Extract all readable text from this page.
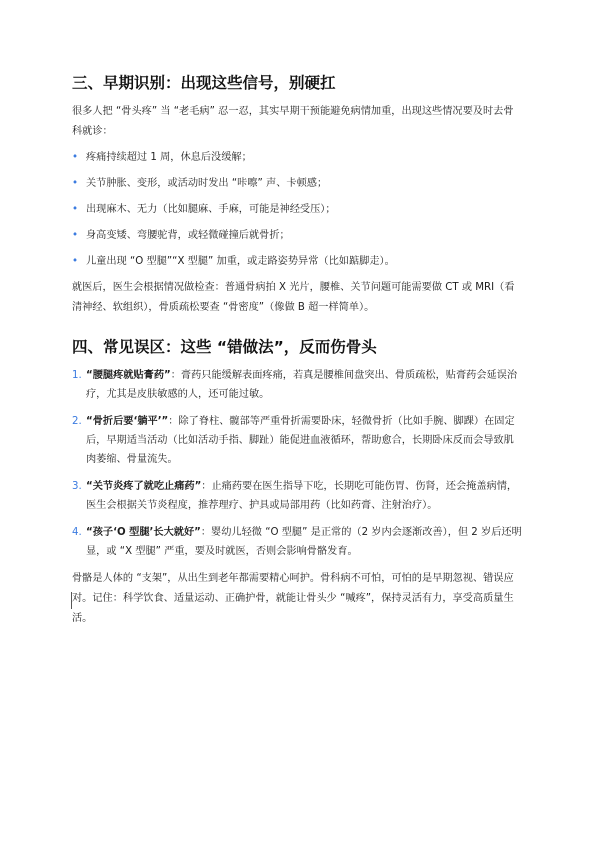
三、早期识别：出现这些信号，别硬扛

很多人把 “骨头疼” 当 “老毛病” 忍一忍，其实早期干预能避免病情加重，出现这些情况要及时去骨科就诊：

• 疼痛持续超过 1 周，休息后没缓解；
• 关节肿胀、变形，或活动时发出 “咔嚓” 声、卡顿感；
• 出现麻木、无力（比如腿麻、手麻，可能是神经受压）；
• 身高变矮、弯腰驼背，或轻微碰撞后就骨折；
• 儿童出现 “O 型腿”“X 型腿” 加重，或走路姿势异常（比如踮脚走）。

就医后，医生会根据情况做检查：普通骨病拍 X 光片，腰椎、关节问题可能需要做 CT 或 MRI（看清神经、软组织），骨质疏松要查 “骨密度”（像做 B 超一样简单）。

四、常见误区：这些 “错做法”，反而伤骨头
1. “腰腿疼就贴膏药”：膏药只能缓解表面疼痛，若真是腰椎间盘突出、骨质疏松，贴膏药会延误治疗，尤其是皮肤敏感的人，还可能过敏。
2. “骨折后要‘躺平’”：除了脊柱、髋部等严重骨折需要卧床，轻微骨折（比如手腕、脚踝）在固定后，早期适当活动（比如活动手指、脚趾）能促进血液循环，帮助愈合，长期卧床反而会导致肌肉萎缩、骨量流失。
3. “关节炎疼了就吃止痛药”：止痛药要在医生指导下吃，长期吃可能伤胃、伤肾，还会掩盖病情，医生会根据关节炎程度，推荐理疗、护具或局部用药（比如药膏、注射治疗）。
4. “孩子‘O 型腿’长大就好”：婴幼儿轻微 “O 型腿” 是正常的（2 岁内会逐渐改善），但 2 岁后还明显，或 “X 型腿” 严重，要及时就医，否则会影响骨骼发育。

骨骼是人体的 “支架”，从出生到老年都需要精心呵护。骨科病不可怕，可怕的是早期忽视、错误应对。记住：科学饮食、适量运动、正确护骨，就能让骨头少 “喊疼”，保持灵活有力，享受高质量生活。
